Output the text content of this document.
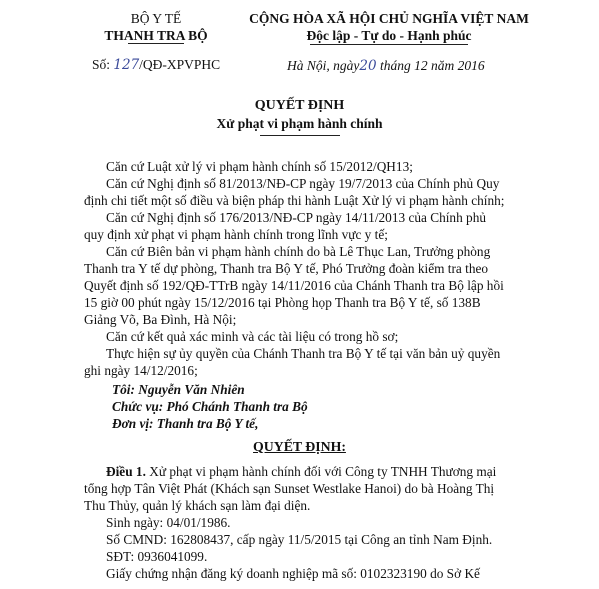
BỘ Y TẾ
THANH TRA BỘ
CỘNG HÒA XÃ HỘI CHỦ NGHĨA VIỆT NAM
Độc lập - Tự do - Hạnh phúc
Số: 127/QĐ-XPVPHC	Hà Nội, ngày20 tháng 12 năm 2016
QUYẾT ĐỊNH
Xử phạt vi phạm hành chính
Căn cứ Luật xử lý vi phạm hành chính số 15/2012/QH13;
Căn cứ Nghị định số 81/2013/NĐ-CP ngày 19/7/2013 của Chính phủ Quy
định chi tiết một số điều và biện pháp thi hành Luật Xử lý vi phạm hành chính;
Căn cứ Nghị định số 176/2013/NĐ-CP ngày 14/11/2013 của Chính phủ
quy định xử phạt vi phạm hành chính trong lĩnh vực y tế;
Căn cứ Biên bản vi phạm hành chính do bà Lê Thục Lan, Trưởng phòng
Thanh tra Y tế dự phòng, Thanh tra Bộ Y tế, Phó Trưởng đoàn kiểm tra theo
Quyết định số 192/QĐ-TTrB ngày 14/11/2016 của Chánh Thanh tra Bộ lập hồi
15 giờ 00 phút ngày 15/12/2016 tại Phòng họp Thanh tra Bộ Y tế, số 138B
Giảng Võ, Ba Đình, Hà Nội;
Căn cứ kết quả xác minh và các tài liệu có trong hồ sơ;
Thực hiện sự ủy quyền của Chánh Thanh tra Bộ Y tế tại văn bản uỷ quyền
ghi ngày 14/12/2016;
Tôi: Nguyễn Văn Nhiên
Chức vụ: Phó Chánh Thanh tra Bộ
Đơn vị: Thanh tra Bộ Y tế,
QUYẾT ĐỊNH:
Điều 1. Xử phạt vi phạm hành chính đối với Công ty TNHH Thương mại
tổng hợp Tân Việt Phát (Khách sạn Sunset Westlake Hanoi) do bà Hoàng Thị
Thu Thủy, quản lý khách sạn làm đại diện.
Sinh ngày: 04/01/1986.
Số CMND: 162808437, cấp ngày 11/5/2015 tại Công an tỉnh Nam Định.
SĐT: 0936041099.
Giấy chứng nhận đăng ký doanh nghiệp mã số: 0102323190 do Sở Kế
